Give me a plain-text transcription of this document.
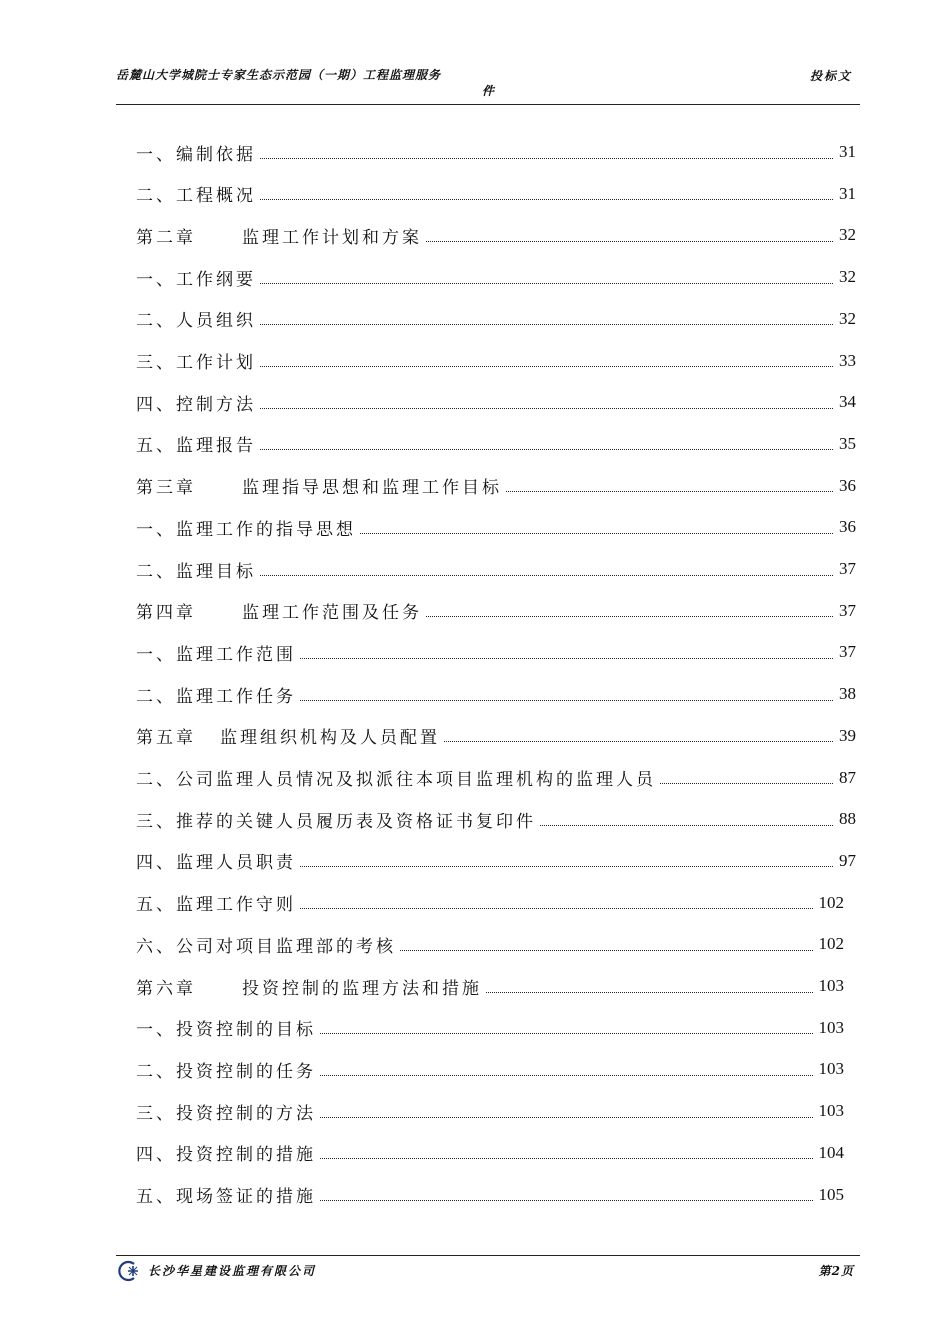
岳麓山大学城院士专家生态示范园（一期）工程监理服务
件
投标文
一、编制依据	31
二、工程概况	31
第二章	监理工作计划和方案	32
一、工作纲要	32
二、人员组织	32
三、工作计划	33
四、控制方法	34
五、监理报告	35
第三章	监理指导思想和监理工作目标	36
一、监理工作的指导思想	36
二、监理目标	37
第四章	监理工作范围及任务	37
一、监理工作范围	37
二、监理工作任务	38
第五章 监理组织机构及人员配置	39
二、公司监理人员情况及拟派往本项目监理机构的监理人员	87
三、推荐的关键人员履历表及资格证书复印件	88
四、监理人员职责	97
五、监理工作守则	102
六、公司对项目监理部的考核	102
第六章	投资控制的监理方法和措施	103
一、投资控制的目标	103
二、投资控制的任务	103
三、投资控制的方法	103
四、投资控制的措施	104
五、现场签证的措施	105
长沙华星建设监理有限公司	第2页
